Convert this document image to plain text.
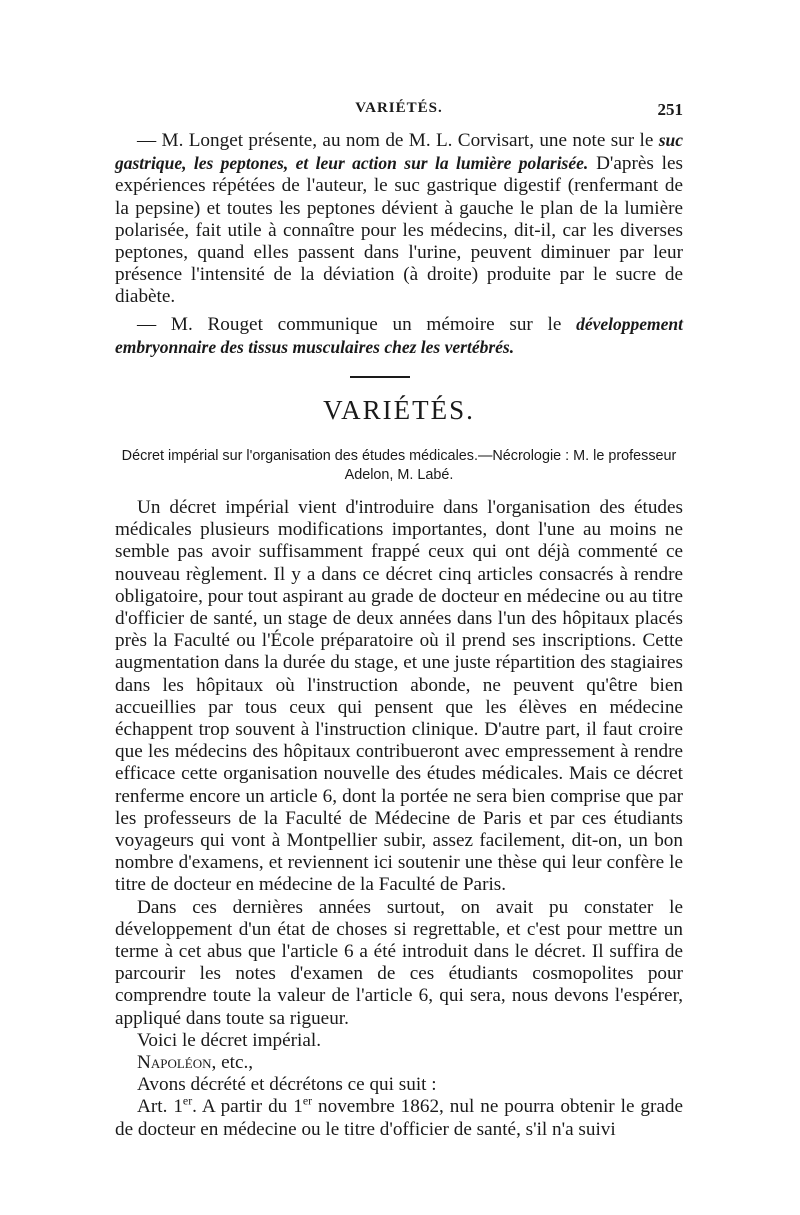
VARIÉTÉS.	251

— M. Longet présente, au nom de M. L. Corvisart, une note sur le suc gastrique, les peptones, et leur action sur la lumière polarisée. D'après les expériences répétées de l'auteur, le suc gastrique digestif (renfermant de la pepsine) et toutes les peptones dévient à gauche le plan de la lumière polarisée, fait utile à connaître pour les médecins, dit-il, car les diverses peptones, quand elles passent dans l'urine, peuvent diminuer par leur présence l'intensité de la déviation (à droite) produite par le sucre de diabète.

— M. Rouget communique un mémoire sur le développement embryonnaire des tissus musculaires chez les vertébrés.

VARIÉTÉS.
Décret impérial sur l'organisation des études médicales.—Nécrologie : M. le professeur Adelon, M. Labé.

Un décret impérial vient d'introduire dans l'organisation des études médicales plusieurs modifications importantes, dont l'une au moins ne semble pas avoir suffisamment frappé ceux qui ont déjà commenté ce nouveau règlement. Il y a dans ce décret cinq articles consacrés à rendre obligatoire, pour tout aspirant au grade de docteur en médecine ou au titre d'officier de santé, un stage de deux années dans l'un des hôpitaux placés près la Faculté ou l'École préparatoire où il prend ses inscriptions. Cette augmentation dans la durée du stage, et une juste répartition des stagiaires dans les hôpitaux où l'instruction abonde, ne peuvent qu'être bien accueillies par tous ceux qui pensent que les élèves en médecine échappent trop souvent à l'instruction clinique. D'autre part, il faut croire que les médecins des hôpitaux contribueront avec empressement à rendre efficace cette organisation nouvelle des études médicales. Mais ce décret renferme encore un article 6, dont la portée ne sera bien comprise que par les professeurs de la Faculté de Médecine de Paris et par ces étudiants voyageurs qui vont à Montpellier subir, assez facilement, dit-on, un bon nombre d'examens, et reviennent ici soutenir une thèse qui leur confère le titre de docteur en médecine de la Faculté de Paris.

Dans ces dernières années surtout, on avait pu constater le développement d'un état de choses si regrettable, et c'est pour mettre un terme à cet abus que l'article 6 a été introduit dans le décret. Il suffira de parcourir les notes d'examen de ces étudiants cosmopolites pour comprendre toute la valeur de l'article 6, qui sera, nous devons l'espérer, appliqué dans toute sa rigueur.

Voici le décret impérial.

Napoléon, etc.,

Avons décrété et décrétons ce qui suit :

Art. 1er. A partir du 1er novembre 1862, nul ne pourra obtenir le grade de docteur en médecine ou le titre d'officier de santé, s'il n'a suivi
